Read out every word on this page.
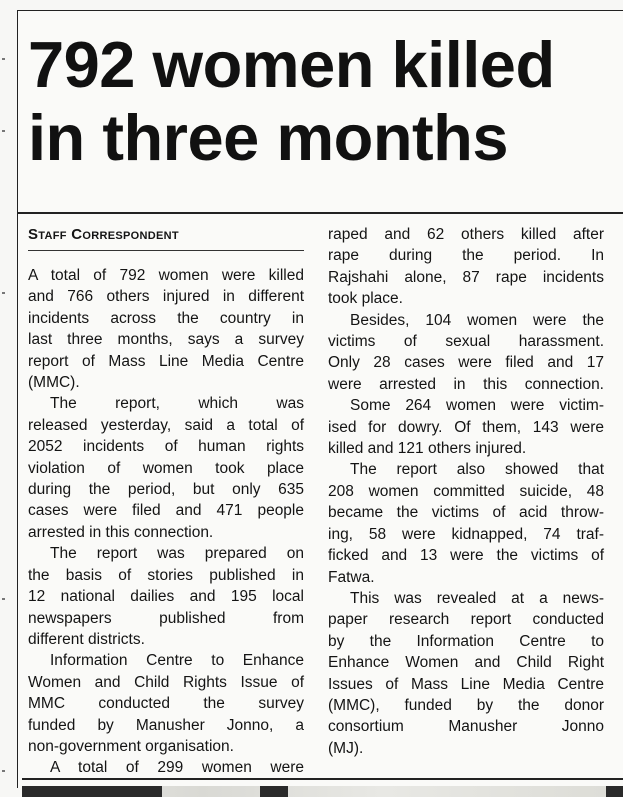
792 women killed
in three months
Staff Correspondent
A total of 792 women were killed
and 766 others injured in different
incidents across the country in
last three months, says a survey
report of Mass Line Media Centre
(MMC).
The report, which was
released yesterday, said a total of
2052 incidents of human rights
violation of women took place
during the period, but only 635
cases were filed and 471 people
arrested in this connection.
The report was prepared on
the basis of stories published in
12 national dailies and 195 local
newspapers published from
different districts.
Information Centre to Enhance
Women and Child Rights Issue of
MMC conducted the survey
funded by Manusher Jonno, a
non-government organisation.
A total of 299 women were
raped and 62 others killed after
rape during the period. In
Rajshahi alone, 87 rape incidents
took place.
Besides, 104 women were the
victims of sexual harassment.
Only 28 cases were filed and 17
were arrested in this connection.
Some 264 women were victim-
ised for dowry. Of them, 143 were
killed and 121 others injured.
The report also showed that
208 women committed suicide, 48
became the victims of acid throw-
ing, 58 were kidnapped, 74 traf-
ficked and 13 were the victims of
Fatwa.
This was revealed at a news-
paper research report conducted
by the Information Centre to
Enhance Women and Child Right
Issues of Mass Line Media Centre
(MMC), funded by the donor
consortium Manusher Jonno
(MJ).
